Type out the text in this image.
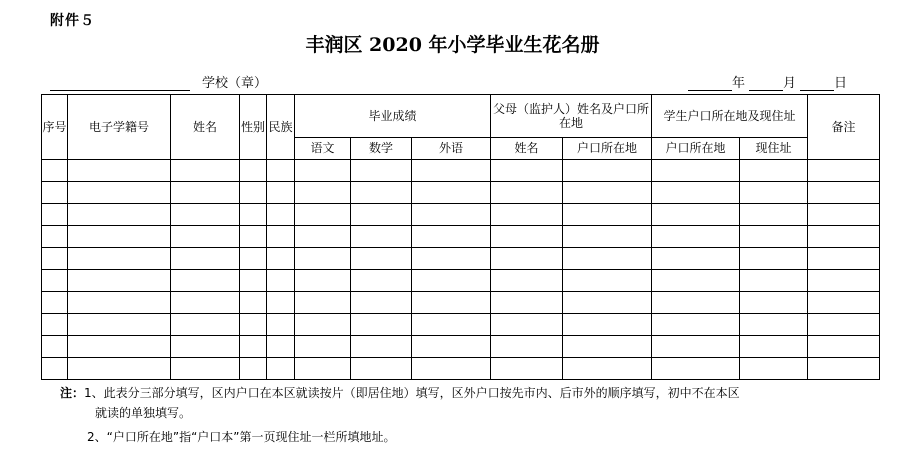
附件５
丰润区 2020 年小学毕业生花名册
学校（章）	年	月	日
序号	电子学籍号	姓名	性别	民族	毕业成绩			父母（监护人）姓名及户口所在地		学生户口所在地及现住址		备注
					语文	数学	外语	姓名	户口所在地	户口所在地	现住址	

注：1、此表分三部分填写，区内户口在本区就读按片（即居住地）填写，区外户口按先市内、后市外的顺序填写，初中不在本区
就读的单独填写。
2、“户口所在地”指“户口本”第一页现住址一栏所填地址。
